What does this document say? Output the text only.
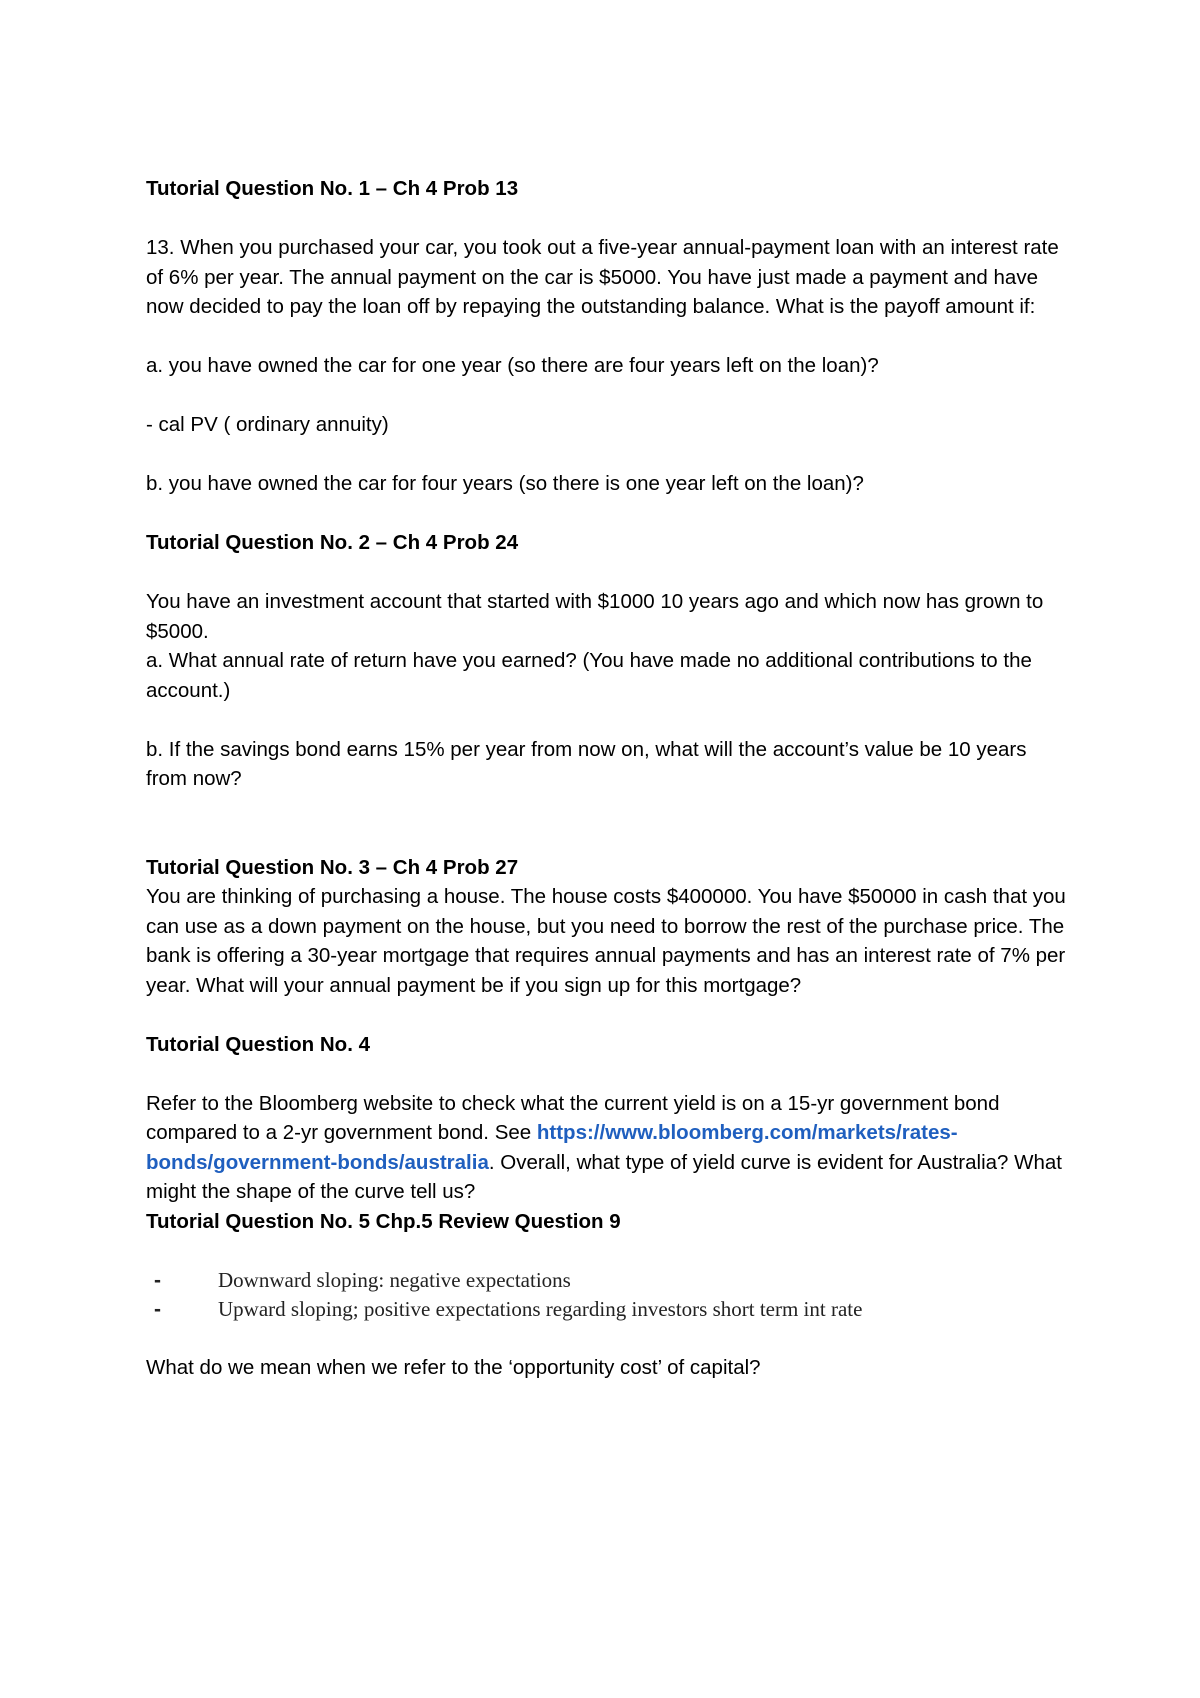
Tutorial Question No. 1 – Ch 4 Prob 13

13. When you purchased your car, you took out a five-year annual-payment loan with an interest rate of 6% per year. The annual payment on the car is $5000. You have just made a payment and have now decided to pay the loan off by repaying the outstanding balance. What is the payoff amount if:

a. you have owned the car for one year (so there are four years left on the loan)?

- cal PV ( ordinary annuity)

b. you have owned the car for four years (so there is one year left on the loan)?

Tutorial Question No. 2 – Ch 4 Prob 24

You have an investment account that started with $1000 10 years ago and which now has grown to $5000.

a. What annual rate of return have you earned? (You have made no additional contributions to the account.)

b. If the savings bond earns 15% per year from now on, what will the account’s value be 10 years from now?

Tutorial Question No. 3 – Ch 4 Prob 27

You are thinking of purchasing a house. The house costs $400000. You have $50000 in cash that you can use as a down payment on the house, but you need to borrow the rest of the purchase price. The bank is offering a 30-year mortgage that requires annual payments and has an interest rate of 7% per year. What will your annual payment be if you sign up for this mortgage?

Tutorial Question No. 4

Refer to the Bloomberg website to check what the current yield is on a 15-yr government bond compared to a 2-yr government bond. See https://www.bloomberg.com/markets/rates-bonds/government-bonds/australia. Overall, what type of yield curve is evident for Australia? What might the shape of the curve tell us?

Tutorial Question No. 5 Chp.5 Review Question 9

-	Downward sloping: negative expectations
-	Upward sloping; positive expectations regarding investors short term int rate

What do we mean when we refer to the ‘opportunity cost’ of capital?
